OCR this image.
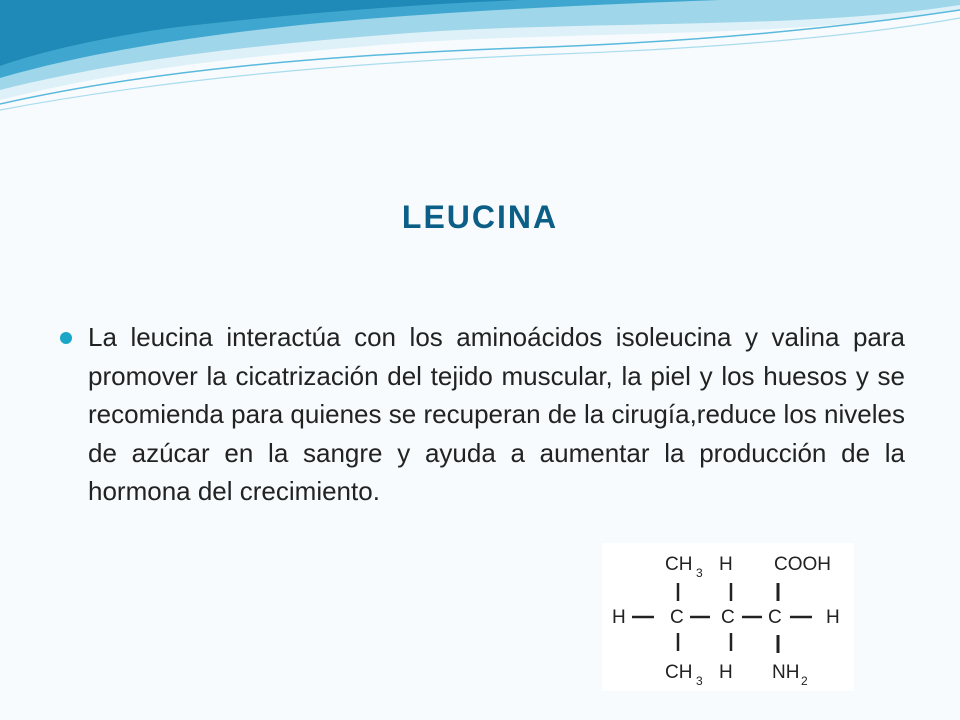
leucina
La leucina interactúa con los aminoácidos isoleucina y valina para promover la cicatrización del tejido muscular, la piel y los huesos y se recomienda para quienes se recuperan de la cirugía,reduce los niveles de azúcar en la sangre y ayuda a aumentar la producción de la hormona del crecimiento.
CH 3 H COOH
H C C C H
CH 3 H NH 2
